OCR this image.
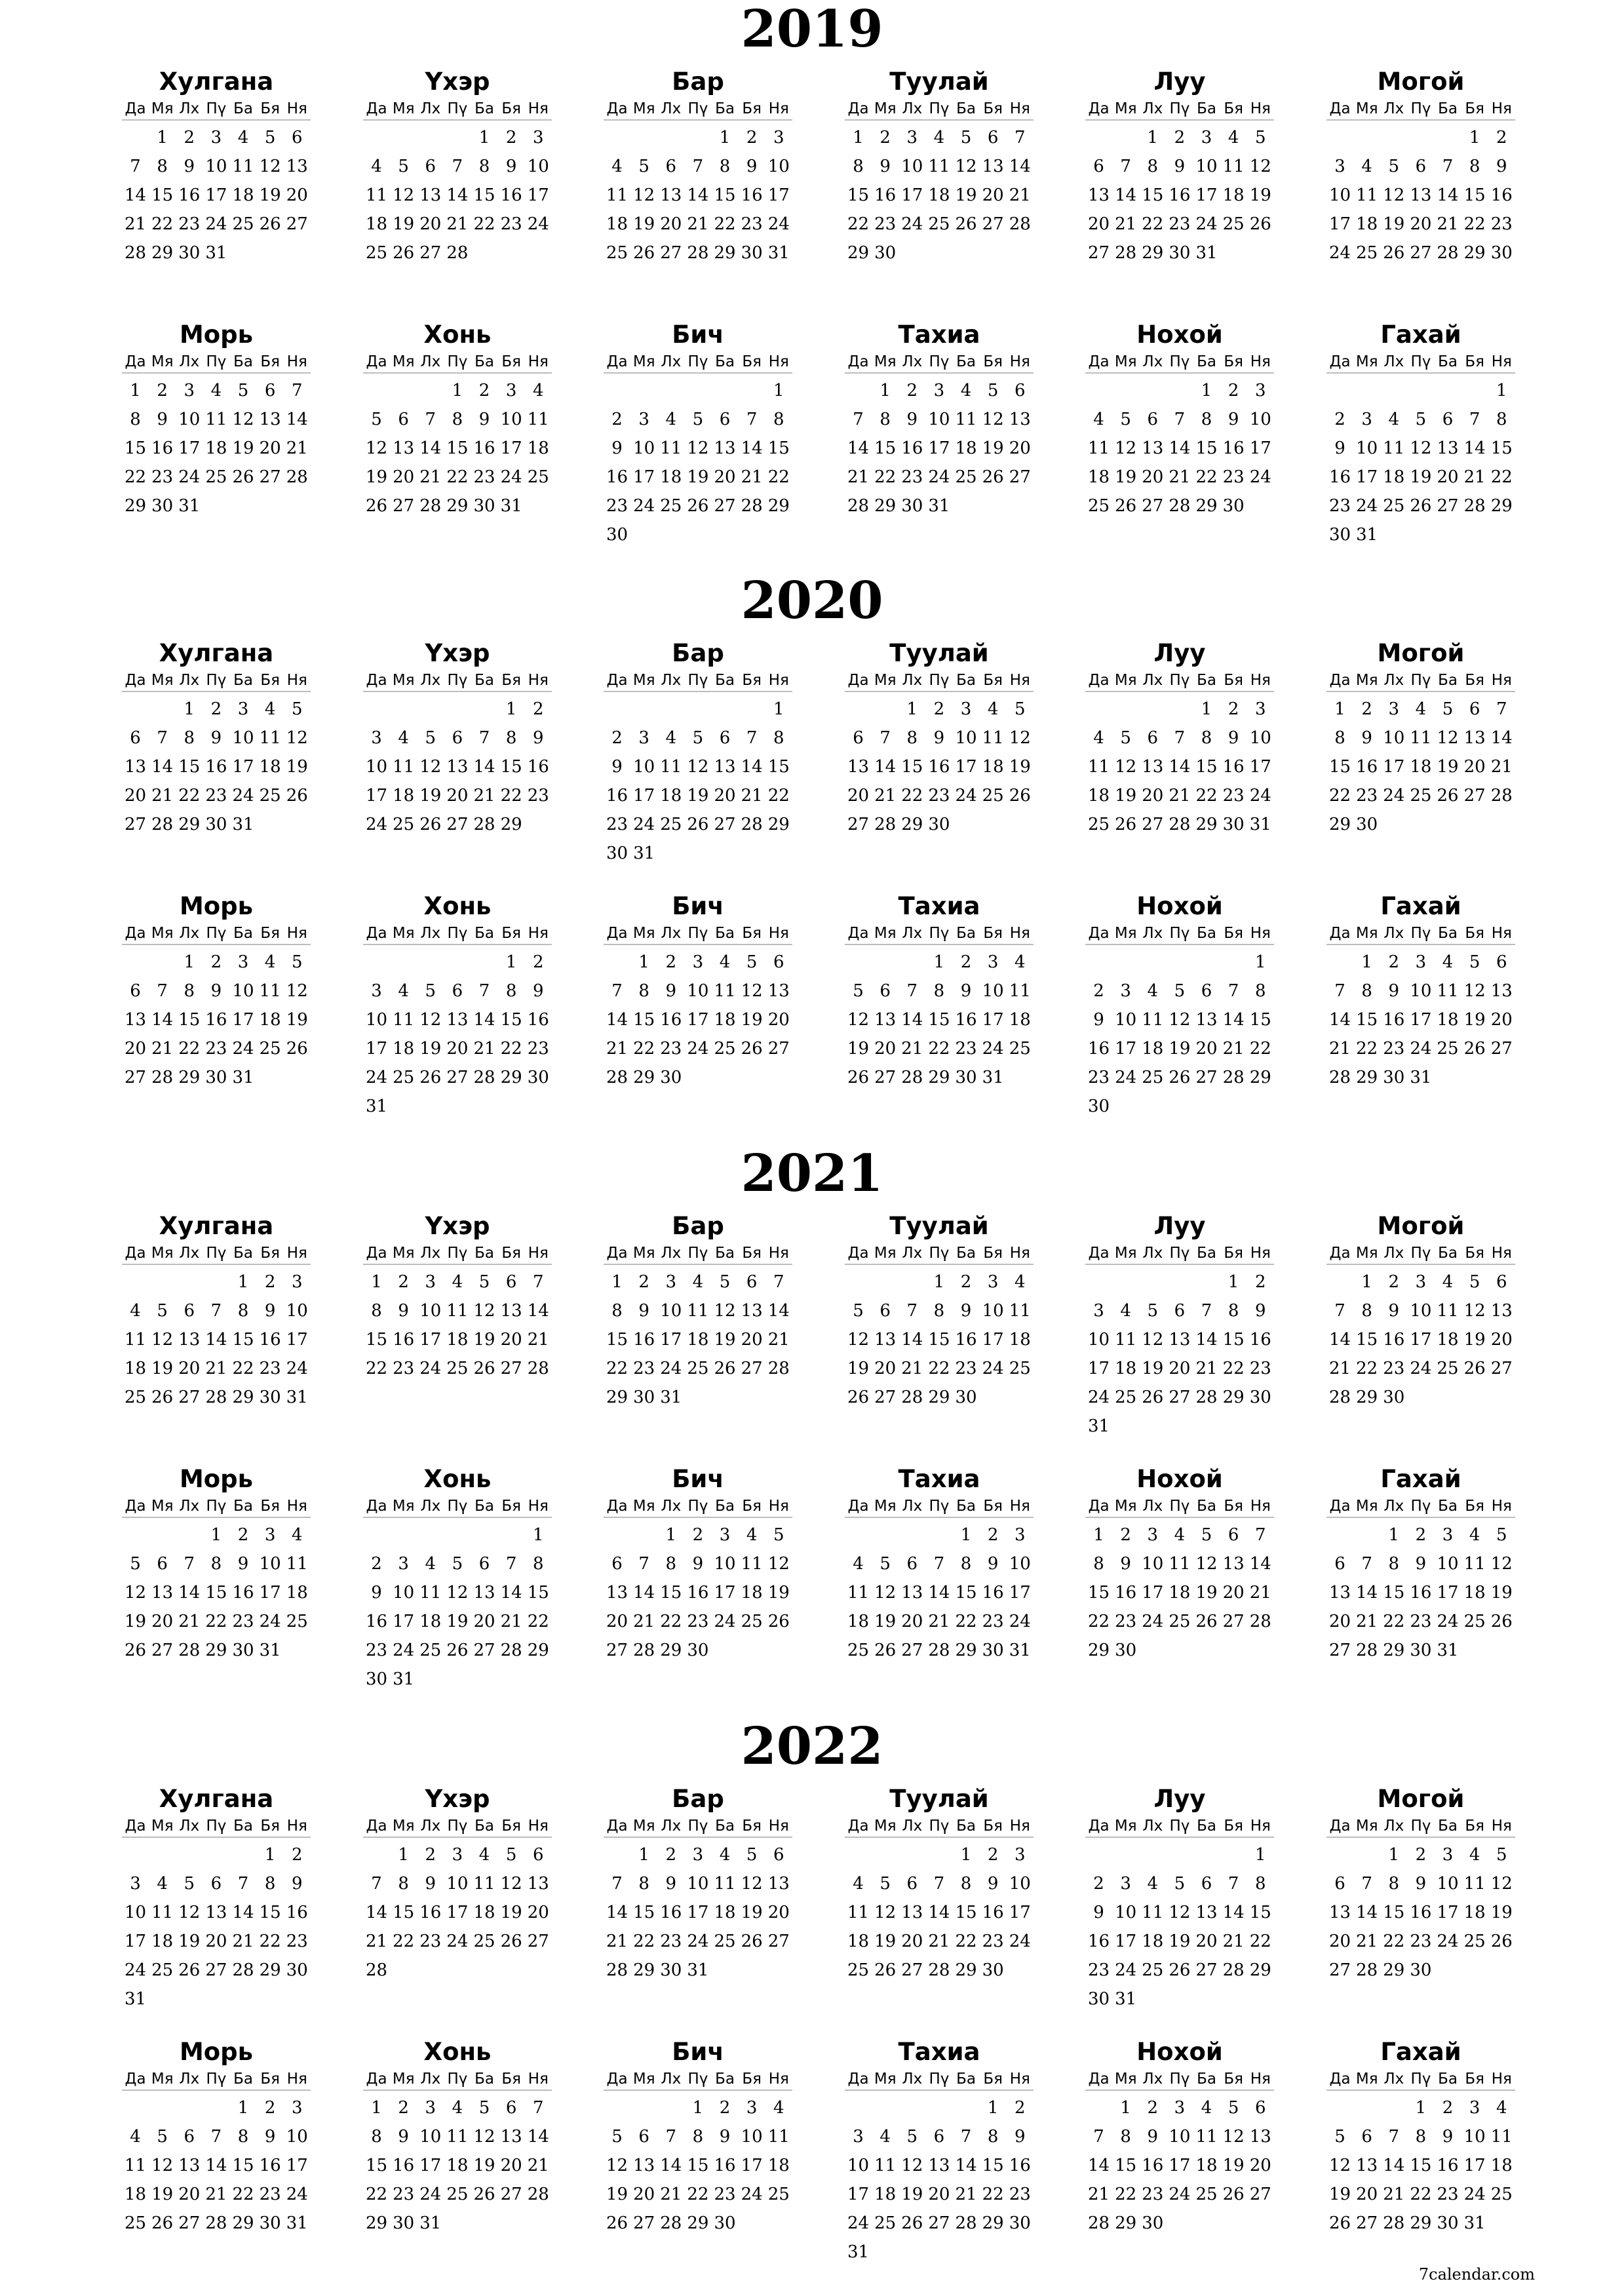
2019
Хулгана
Да Мя Лх Пү Ба Бя Ня
1 2 3 4 5 6
7 8 9 10 11 12 13
14 15 16 17 18 19 20
21 22 23 24 25 26 27
28 29 30 31
Үхэр
Да Мя Лх Пү Ба Бя Ня
1 2 3
4 5 6 7 8 9 10
11 12 13 14 15 16 17
18 19 20 21 22 23 24
25 26 27 28
Бар
Да Мя Лх Пү Ба Бя Ня
1 2 3
4 5 6 7 8 9 10
11 12 13 14 15 16 17
18 19 20 21 22 23 24
25 26 27 28 29 30 31
Туулай
Да Мя Лх Пү Ба Бя Ня
1 2 3 4 5 6 7
8 9 10 11 12 13 14
15 16 17 18 19 20 21
22 23 24 25 26 27 28
29 30
Луу
Да Мя Лх Пү Ба Бя Ня
1 2 3 4 5
6 7 8 9 10 11 12
13 14 15 16 17 18 19
20 21 22 23 24 25 26
27 28 29 30 31
Могой
Да Мя Лх Пү Ба Бя Ня
1 2
3 4 5 6 7 8 9
10 11 12 13 14 15 16
17 18 19 20 21 22 23
24 25 26 27 28 29 30
Морь
Да Мя Лх Пү Ба Бя Ня
1 2 3 4 5 6 7
8 9 10 11 12 13 14
15 16 17 18 19 20 21
22 23 24 25 26 27 28
29 30 31
Хонь
Да Мя Лх Пү Ба Бя Ня
1 2 3 4
5 6 7 8 9 10 11
12 13 14 15 16 17 18
19 20 21 22 23 24 25
26 27 28 29 30 31
Бич
Да Мя Лх Пү Ба Бя Ня
1
2 3 4 5 6 7 8
9 10 11 12 13 14 15
16 17 18 19 20 21 22
23 24 25 26 27 28 29
30
Тахиа
Да Мя Лх Пү Ба Бя Ня
1 2 3 4 5 6
7 8 9 10 11 12 13
14 15 16 17 18 19 20
21 22 23 24 25 26 27
28 29 30 31
Нохой
Да Мя Лх Пү Ба Бя Ня
1 2 3
4 5 6 7 8 9 10
11 12 13 14 15 16 17
18 19 20 21 22 23 24
25 26 27 28 29 30
Гахай
Да Мя Лх Пү Ба Бя Ня
1
2 3 4 5 6 7 8
9 10 11 12 13 14 15
16 17 18 19 20 21 22
23 24 25 26 27 28 29
30 31
2020
Хулгана
Да Мя Лх Пү Ба Бя Ня
1 2 3 4 5
6 7 8 9 10 11 12
13 14 15 16 17 18 19
20 21 22 23 24 25 26
27 28 29 30 31
Үхэр
Да Мя Лх Пү Ба Бя Ня
1 2
3 4 5 6 7 8 9
10 11 12 13 14 15 16
17 18 19 20 21 22 23
24 25 26 27 28 29
Бар
Да Мя Лх Пү Ба Бя Ня
1
2 3 4 5 6 7 8
9 10 11 12 13 14 15
16 17 18 19 20 21 22
23 24 25 26 27 28 29
30 31
Туулай
Да Мя Лх Пү Ба Бя Ня
1 2 3 4 5
6 7 8 9 10 11 12
13 14 15 16 17 18 19
20 21 22 23 24 25 26
27 28 29 30
Луу
Да Мя Лх Пү Ба Бя Ня
1 2 3
4 5 6 7 8 9 10
11 12 13 14 15 16 17
18 19 20 21 22 23 24
25 26 27 28 29 30 31
Могой
Да Мя Лх Пү Ба Бя Ня
1 2 3 4 5 6 7
8 9 10 11 12 13 14
15 16 17 18 19 20 21
22 23 24 25 26 27 28
29 30
Морь
Да Мя Лх Пү Ба Бя Ня
1 2 3 4 5
6 7 8 9 10 11 12
13 14 15 16 17 18 19
20 21 22 23 24 25 26
27 28 29 30 31
Хонь
Да Мя Лх Пү Ба Бя Ня
1 2
3 4 5 6 7 8 9
10 11 12 13 14 15 16
17 18 19 20 21 22 23
24 25 26 27 28 29 30
31
Бич
Да Мя Лх Пү Ба Бя Ня
1 2 3 4 5 6
7 8 9 10 11 12 13
14 15 16 17 18 19 20
21 22 23 24 25 26 27
28 29 30
Тахиа
Да Мя Лх Пү Ба Бя Ня
1 2 3 4
5 6 7 8 9 10 11
12 13 14 15 16 17 18
19 20 21 22 23 24 25
26 27 28 29 30 31
Нохой
Да Мя Лх Пү Ба Бя Ня
1
2 3 4 5 6 7 8
9 10 11 12 13 14 15
16 17 18 19 20 21 22
23 24 25 26 27 28 29
30
Гахай
Да Мя Лх Пү Ба Бя Ня
1 2 3 4 5 6
7 8 9 10 11 12 13
14 15 16 17 18 19 20
21 22 23 24 25 26 27
28 29 30 31
2021
Хулгана
Да Мя Лх Пү Ба Бя Ня
1 2 3
4 5 6 7 8 9 10
11 12 13 14 15 16 17
18 19 20 21 22 23 24
25 26 27 28 29 30 31
Үхэр
Да Мя Лх Пү Ба Бя Ня
1 2 3 4 5 6 7
8 9 10 11 12 13 14
15 16 17 18 19 20 21
22 23 24 25 26 27 28
Бар
Да Мя Лх Пү Ба Бя Ня
1 2 3 4 5 6 7
8 9 10 11 12 13 14
15 16 17 18 19 20 21
22 23 24 25 26 27 28
29 30 31
Туулай
Да Мя Лх Пү Ба Бя Ня
1 2 3 4
5 6 7 8 9 10 11
12 13 14 15 16 17 18
19 20 21 22 23 24 25
26 27 28 29 30
Луу
Да Мя Лх Пү Ба Бя Ня
1 2
3 4 5 6 7 8 9
10 11 12 13 14 15 16
17 18 19 20 21 22 23
24 25 26 27 28 29 30
31
Могой
Да Мя Лх Пү Ба Бя Ня
1 2 3 4 5 6
7 8 9 10 11 12 13
14 15 16 17 18 19 20
21 22 23 24 25 26 27
28 29 30
Морь
Да Мя Лх Пү Ба Бя Ня
1 2 3 4
5 6 7 8 9 10 11
12 13 14 15 16 17 18
19 20 21 22 23 24 25
26 27 28 29 30 31
Хонь
Да Мя Лх Пү Ба Бя Ня
1
2 3 4 5 6 7 8
9 10 11 12 13 14 15
16 17 18 19 20 21 22
23 24 25 26 27 28 29
30 31
Бич
Да Мя Лх Пү Ба Бя Ня
1 2 3 4 5
6 7 8 9 10 11 12
13 14 15 16 17 18 19
20 21 22 23 24 25 26
27 28 29 30
Тахиа
Да Мя Лх Пү Ба Бя Ня
1 2 3
4 5 6 7 8 9 10
11 12 13 14 15 16 17
18 19 20 21 22 23 24
25 26 27 28 29 30 31
Нохой
Да Мя Лх Пү Ба Бя Ня
1 2 3 4 5 6 7
8 9 10 11 12 13 14
15 16 17 18 19 20 21
22 23 24 25 26 27 28
29 30
Гахай
Да Мя Лх Пү Ба Бя Ня
1 2 3 4 5
6 7 8 9 10 11 12
13 14 15 16 17 18 19
20 21 22 23 24 25 26
27 28 29 30 31
2022
Хулгана
Да Мя Лх Пү Ба Бя Ня
1 2
3 4 5 6 7 8 9
10 11 12 13 14 15 16
17 18 19 20 21 22 23
24 25 26 27 28 29 30
31
Үхэр
Да Мя Лх Пү Ба Бя Ня
1 2 3 4 5 6
7 8 9 10 11 12 13
14 15 16 17 18 19 20
21 22 23 24 25 26 27
28
Бар
Да Мя Лх Пү Ба Бя Ня
1 2 3 4 5 6
7 8 9 10 11 12 13
14 15 16 17 18 19 20
21 22 23 24 25 26 27
28 29 30 31
Туулай
Да Мя Лх Пү Ба Бя Ня
1 2 3
4 5 6 7 8 9 10
11 12 13 14 15 16 17
18 19 20 21 22 23 24
25 26 27 28 29 30
Луу
Да Мя Лх Пү Ба Бя Ня
1
2 3 4 5 6 7 8
9 10 11 12 13 14 15
16 17 18 19 20 21 22
23 24 25 26 27 28 29
30 31
Могой
Да Мя Лх Пү Ба Бя Ня
1 2 3 4 5
6 7 8 9 10 11 12
13 14 15 16 17 18 19
20 21 22 23 24 25 26
27 28 29 30
Морь
Да Мя Лх Пү Ба Бя Ня
1 2 3
4 5 6 7 8 9 10
11 12 13 14 15 16 17
18 19 20 21 22 23 24
25 26 27 28 29 30 31
Хонь
Да Мя Лх Пү Ба Бя Ня
1 2 3 4 5 6 7
8 9 10 11 12 13 14
15 16 17 18 19 20 21
22 23 24 25 26 27 28
29 30 31
Бич
Да Мя Лх Пү Ба Бя Ня
1 2 3 4
5 6 7 8 9 10 11
12 13 14 15 16 17 18
19 20 21 22 23 24 25
26 27 28 29 30
Тахиа
Да Мя Лх Пү Ба Бя Ня
1 2
3 4 5 6 7 8 9
10 11 12 13 14 15 16
17 18 19 20 21 22 23
24 25 26 27 28 29 30
31
Нохой
Да Мя Лх Пү Ба Бя Ня
1 2 3 4 5 6
7 8 9 10 11 12 13
14 15 16 17 18 19 20
21 22 23 24 25 26 27
28 29 30
Гахай
Да Мя Лх Пү Ба Бя Ня
1 2 3 4
5 6 7 8 9 10 11
12 13 14 15 16 17 18
19 20 21 22 23 24 25
26 27 28 29 30 31
7calendar.com
